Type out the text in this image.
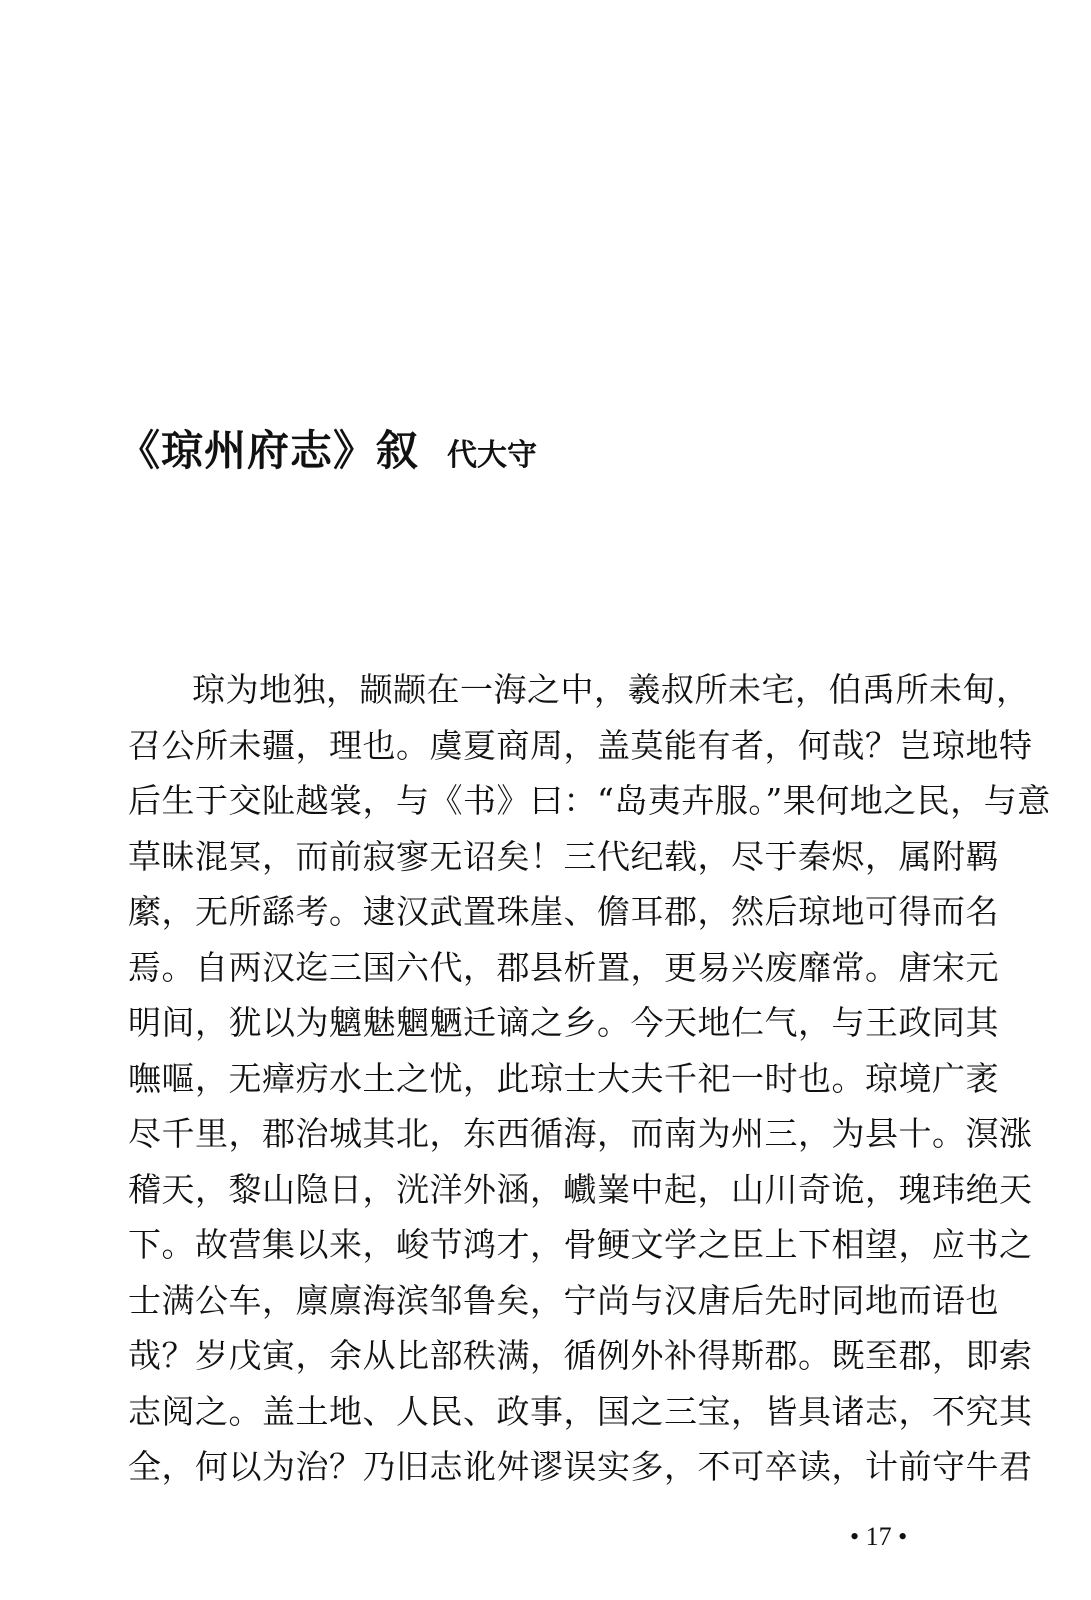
《琼州府志》叙 代大守
琼为地独，颛颛在一海之中，羲叔所未宅，伯禹所未甸，
召公所未疆，理也。虞夏商周，盖莫能有者，何哉？岂琼地特
后生于交阯越裳，与《书》曰：“岛夷卉服。”果何地之民，与意
草昧混冥，而前寂寥无诏矣！三代纪载，尽于秦烬，属附羁
縻，无所繇考。逮汉武置珠崖、儋耳郡，然后琼地可得而名
焉。自两汉迄三国六代，郡县析置，更易兴废靡常。唐宋元
明间，犹以为魑魅魍魉迁谪之乡。今天地仁气，与王政同其
嘸嘔，无瘴疠水土之忧，此琼士大夫千祀一时也。琼境广袤
尽千里，郡治城其北，东西循海，而南为州三，为县十。溟涨
稽天，黎山隐日，洸洋外涵，巇嶪中起，山川奇诡，瑰玮绝天
下。故营集以来，峻节鸿才，骨鲠文学之臣上下相望，应书之
士满公车，廪廪海滨邹鲁矣，宁尚与汉唐后先时同地而语也
哉？岁戊寅，余从比部秩满，循例外补得斯郡。既至郡，即索
志阅之。盖土地、人民、政事，国之三宝，皆具诸志，不究其
全，何以为治？乃旧志讹舛谬误实多，不可卒读，计前守牛君
• 17 •
